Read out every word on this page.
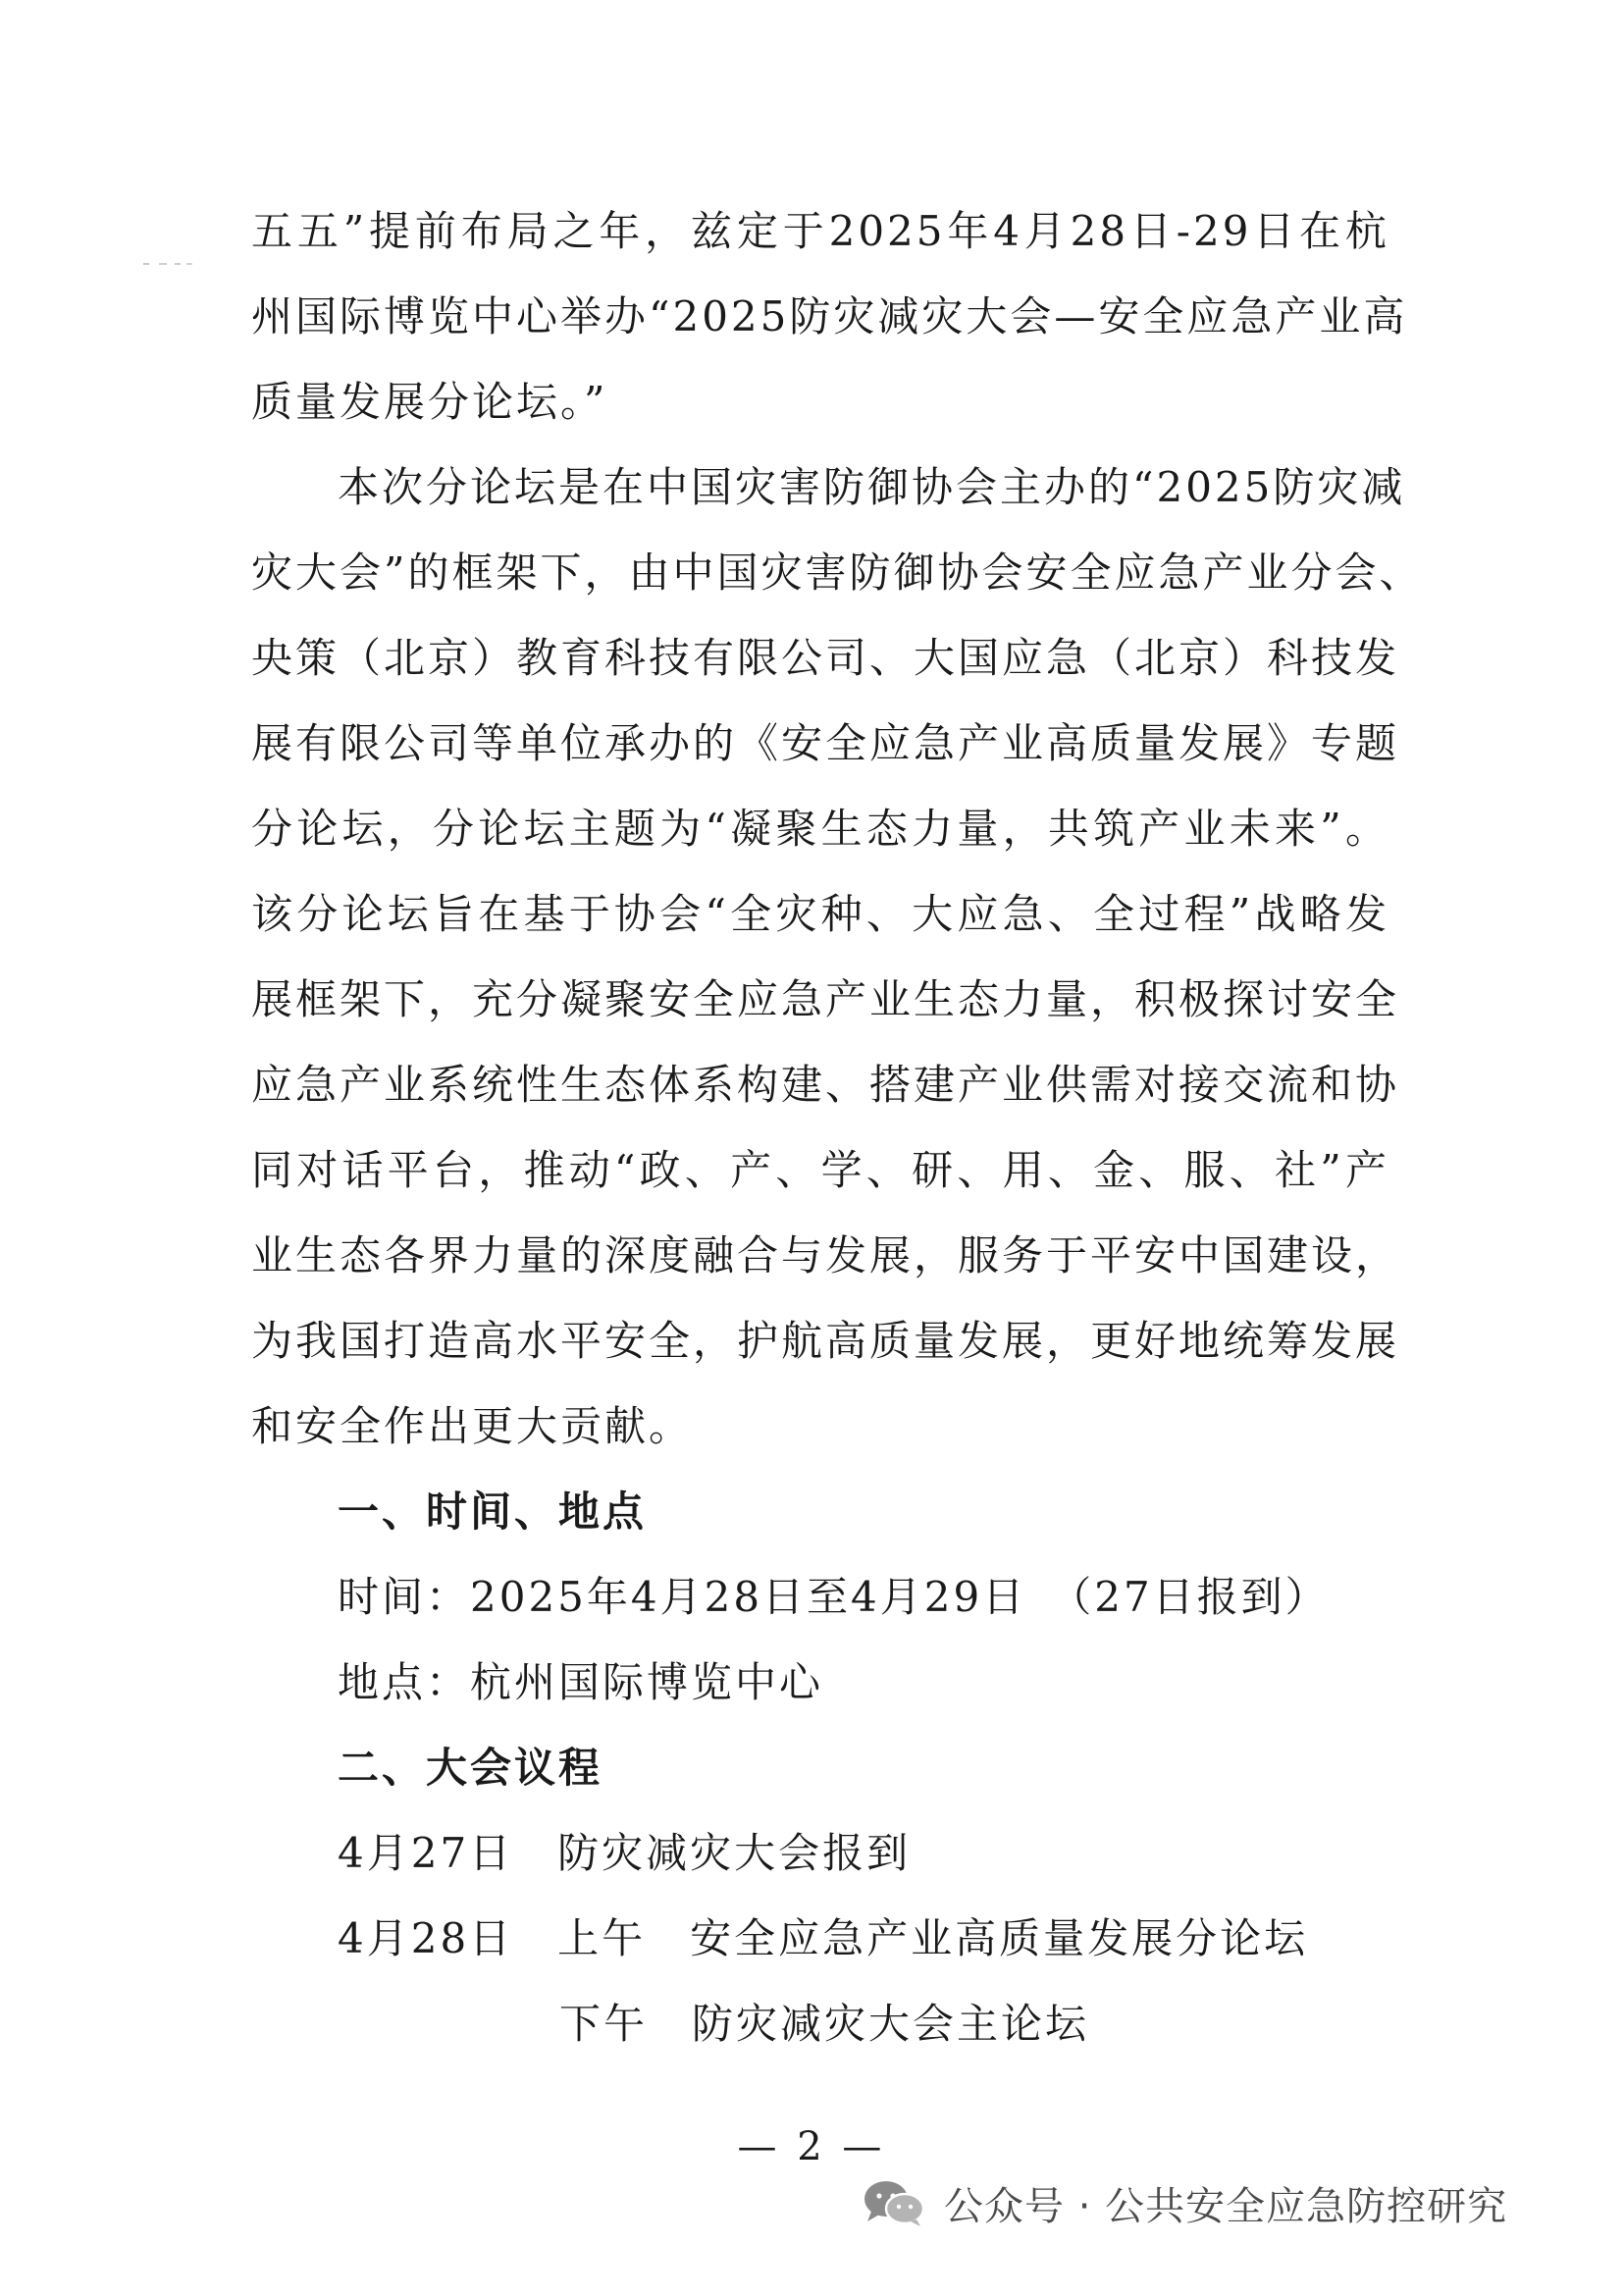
五五”提前布局之年，兹定于2025年4月28日-29日在杭
州国际博览中心举办“2025防灾减灾大会—安全应急产业高
质量发展分论坛。”
本次分论坛是在中国灾害防御协会主办的“2025防灾减
灾大会”的框架下，由中国灾害防御协会安全应急产业分会、
央策（北京）教育科技有限公司、大国应急（北京）科技发
展有限公司等单位承办的《安全应急产业高质量发展》专题
分论坛，分论坛主题为“凝聚生态力量，共筑产业未来”。
该分论坛旨在基于协会“全灾种、大应急、全过程”战略发
展框架下，充分凝聚安全应急产业生态力量，积极探讨安全
应急产业系统性生态体系构建、搭建产业供需对接交流和协
同对话平台，推动“政、产、学、研、用、金、服、社”产
业生态各界力量的深度融合与发展，服务于平安中国建设，
为我国打造高水平安全，护航高质量发展，更好地统筹发展
和安全作出更大贡献。
一、时间、地点
时间：2025年4月28日至4月29日　（27日报到）
地点：杭州国际博览中心
二、大会议程
4月27日　防灾减灾大会报到
4月28日　上午　安全应急产业高质量发展分论坛
下午　防灾减灾大会主论坛
— 2 —
公众号 · 公共安全应急防控研究
